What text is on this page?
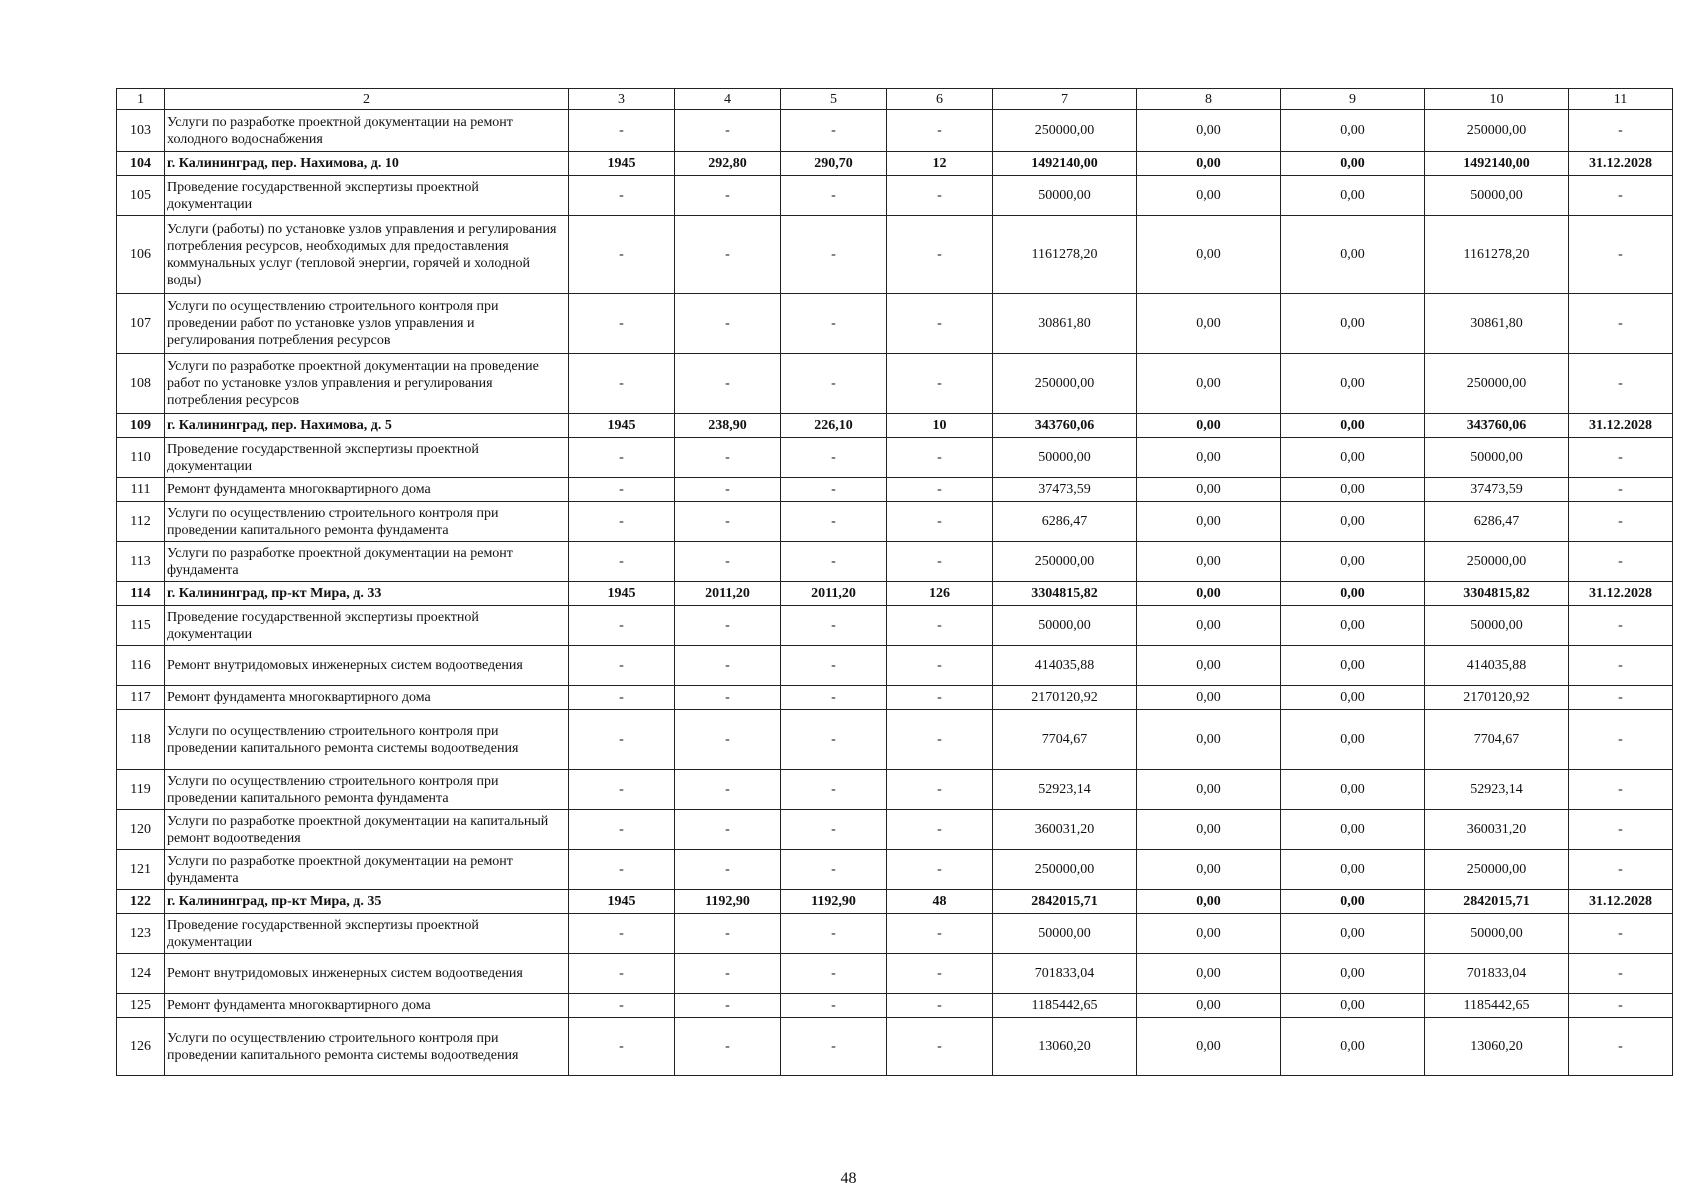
1	2	3	4	5	6	7	8	9	10	11
103	Услуги по разработке проектной документации на ремонт холодного водоснабжения	-	-	-	-	250000,00	0,00	0,00	250000,00	-
104	г. Калининград, пер. Нахимова, д. 10	1945	292,80	290,70	12	1492140,00	0,00	0,00	1492140,00	31.12.2028
105	Проведение государственной экспертизы проектной документации	-	-	-	-	50000,00	0,00	0,00	50000,00	-
106	Услуги (работы) по установке узлов управления и регулирования потребления ресурсов, необходимых для предоставления коммунальных услуг (тепловой энергии, горячей и холодной воды)	-	-	-	-	1161278,20	0,00	0,00	1161278,20	-
107	Услуги по осуществлению строительного контроля при проведении работ по установке узлов управления и регулирования потребления ресурсов	-	-	-	-	30861,80	0,00	0,00	30861,80	-
108	Услуги по разработке проектной документации на проведение работ по установке узлов управления и регулирования потребления ресурсов	-	-	-	-	250000,00	0,00	0,00	250000,00	-
109	г. Калининград, пер. Нахимова, д. 5	1945	238,90	226,10	10	343760,06	0,00	0,00	343760,06	31.12.2028
110	Проведение государственной экспертизы проектной документации	-	-	-	-	50000,00	0,00	0,00	50000,00	-
111	Ремонт фундамента многоквартирного дома	-	-	-	-	37473,59	0,00	0,00	37473,59	-
112	Услуги по осуществлению строительного контроля при проведении капитального ремонта фундамента	-	-	-	-	6286,47	0,00	0,00	6286,47	-
113	Услуги по разработке проектной документации на ремонт фундамента	-	-	-	-	250000,00	0,00	0,00	250000,00	-
114	г. Калининград, пр-кт Мира, д. 33	1945	2011,20	2011,20	126	3304815,82	0,00	0,00	3304815,82	31.12.2028
115	Проведение государственной экспертизы проектной документации	-	-	-	-	50000,00	0,00	0,00	50000,00	-
116	Ремонт внутридомовых инженерных систем водоотведения	-	-	-	-	414035,88	0,00	0,00	414035,88	-
117	Ремонт фундамента многоквартирного дома	-	-	-	-	2170120,92	0,00	0,00	2170120,92	-
118	Услуги по осуществлению строительного контроля при проведении капитального ремонта системы водоотведения	-	-	-	-	7704,67	0,00	0,00	7704,67	-
119	Услуги по осуществлению строительного контроля при проведении капитального ремонта фундамента	-	-	-	-	52923,14	0,00	0,00	52923,14	-
120	Услуги по разработке проектной документации на капитальный ремонт водоотведения	-	-	-	-	360031,20	0,00	0,00	360031,20	-
121	Услуги по разработке проектной документации на ремонт фундамента	-	-	-	-	250000,00	0,00	0,00	250000,00	-
122	г. Калининград, пр-кт Мира, д. 35	1945	1192,90	1192,90	48	2842015,71	0,00	0,00	2842015,71	31.12.2028
123	Проведение государственной экспертизы проектной документации	-	-	-	-	50000,00	0,00	0,00	50000,00	-
124	Ремонт внутридомовых инженерных систем водоотведения	-	-	-	-	701833,04	0,00	0,00	701833,04	-
125	Ремонт фундамента многоквартирного дома	-	-	-	-	1185442,65	0,00	0,00	1185442,65	-
126	Услуги по осуществлению строительного контроля при проведении капитального ремонта системы водоотведения	-	-	-	-	13060,20	0,00	0,00	13060,20	-
48
